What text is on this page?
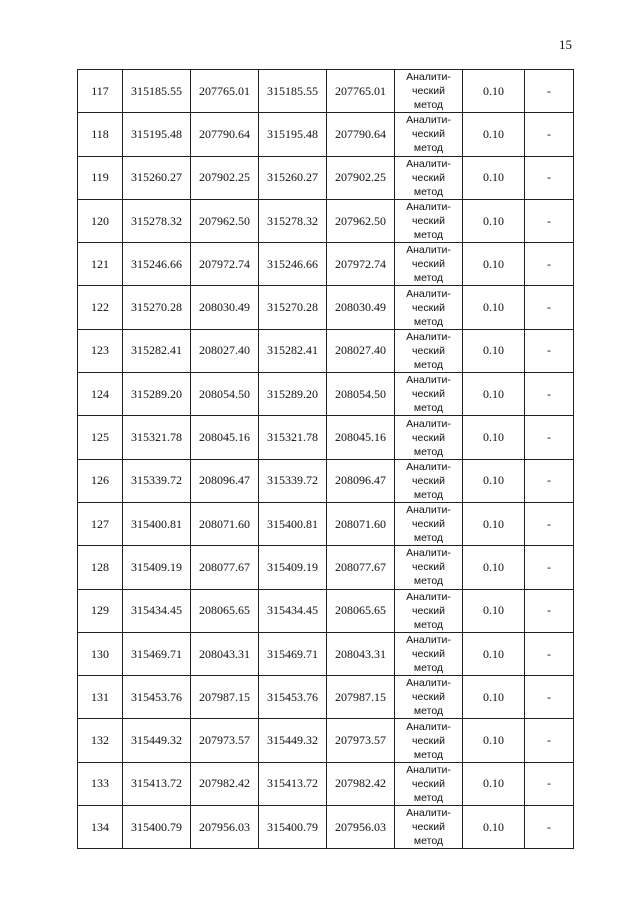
15
117	315185.55	207765.01	315185.55	207765.01	Аналити-
ческий
метод	0.10	-
118	315195.48	207790.64	315195.48	207790.64	Аналити-
ческий
метод	0.10	-
119	315260.27	207902.25	315260.27	207902.25	Аналити-
ческий
метод	0.10	-
120	315278.32	207962.50	315278.32	207962.50	Аналити-
ческий
метод	0.10	-
121	315246.66	207972.74	315246.66	207972.74	Аналити-
ческий
метод	0.10	-
122	315270.28	208030.49	315270.28	208030.49	Аналити-
ческий
метод	0.10	-
123	315282.41	208027.40	315282.41	208027.40	Аналити-
ческий
метод	0.10	-
124	315289.20	208054.50	315289.20	208054.50	Аналити-
ческий
метод	0.10	-
125	315321.78	208045.16	315321.78	208045.16	Аналити-
ческий
метод	0.10	-
126	315339.72	208096.47	315339.72	208096.47	Аналити-
ческий
метод	0.10	-
127	315400.81	208071.60	315400.81	208071.60	Аналити-
ческий
метод	0.10	-
128	315409.19	208077.67	315409.19	208077.67	Аналити-
ческий
метод	0.10	-
129	315434.45	208065.65	315434.45	208065.65	Аналити-
ческий
метод	0.10	-
130	315469.71	208043.31	315469.71	208043.31	Аналити-
ческий
метод	0.10	-
131	315453.76	207987.15	315453.76	207987.15	Аналити-
ческий
метод	0.10	-
132	315449.32	207973.57	315449.32	207973.57	Аналити-
ческий
метод	0.10	-
133	315413.72	207982.42	315413.72	207982.42	Аналити-
ческий
метод	0.10	-
134	315400.79	207956.03	315400.79	207956.03	Аналити-
ческий
метод	0.10	-
